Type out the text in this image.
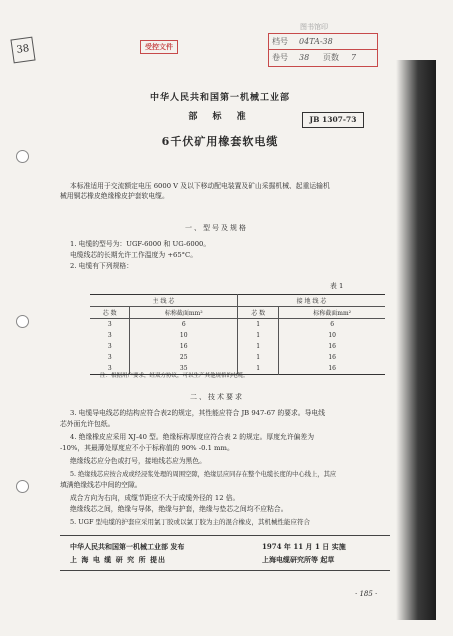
38	受控文件
档号 04TA-38
卷号 38 页数 7
图书馆印
中华人民共和国第一机械工业部
部 标 准	JB 1307-73
6千伏矿用橡套软电缆
本标准适用于交流额定电压 6000 V 及以下移动配电装置及矿山采掘机械、起重运输机
械用铜芯橡皮绝缘橡皮护套软电缆。
一、型号及规格
1. 电缆的型号为：UGF-6000 和 UG-6000。
电缆线芯的长期允许工作温度为 +65°C。
2. 电缆有下列规格：
表 1
主 线 芯		接 地 线 芯	
芯 数	标称截面mm²	芯 数	标称截面mm²
3	6	1	6
3	10	1	10
3	16	1	16
3	25	1	16
3	35	1	16
注：根据用户要求，经双方协议，可以生产其他规格的电缆。
二、技术要求
3. 电缆导电线芯的结构应符合表2的规定，其性能应符合 JB 947-67 的要求。导电线
芯外面允许包纸。
4. 绝缘橡皮应采用 XJ-40 型。绝缘标称厚度应符合表 2 的规定。厚度允许偏差为
-10%，其最薄处厚度应不小于标称值的 90% -0.1 mm。
绝缘线芯应分色或打号，接地线芯应为黑色。
5. 绝缘线芯应按合成或经浸浆处理的周围空隙，绝缘层应同存在整个电缆长度的中心线上，其应
填满绝缘线芯中间的空隙。
成合方向为右向，成缆节距应不大于成缆外径的 12 倍。
绝缘线芯之间，绝缘与导体，绝缘与护套，绝缘与垫芯之间均不应粘合。
5. UGF 型电缆的护套应采用氯丁胶或以氯丁胶为主的混合橡皮，其机械性能应符合
中华人民共和国第一机械工业部 发布
上 海 电 缆 研 究 所 提出
1974 年 11 月 1 日 实施
上海电缆研究所等 起草
· 185 ·
